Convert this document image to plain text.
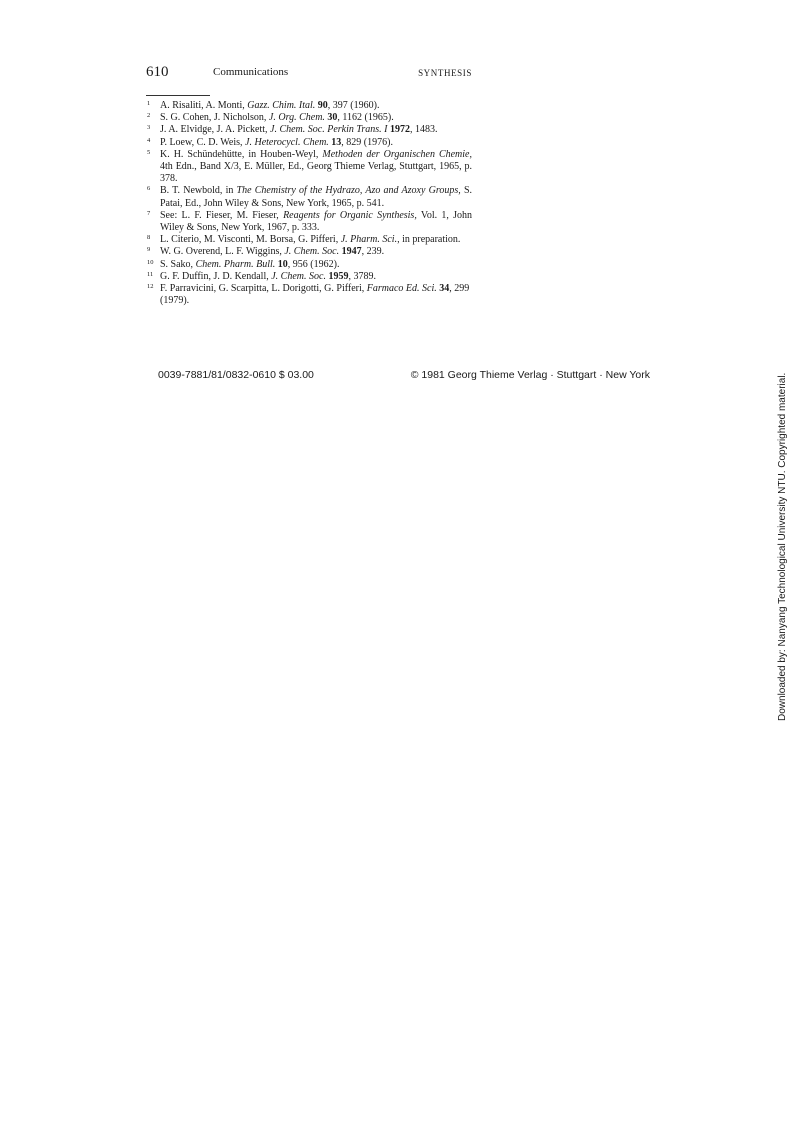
610	Communications	SYNTHESIS
1 A. Risaliti, A. Monti, Gazz. Chim. Ital. 90, 397 (1960).
2 S. G. Cohen, J. Nicholson, J. Org. Chem. 30, 1162 (1965).
3 J. A. Elvidge, J. A. Pickett, J. Chem. Soc. Perkin Trans. I 1972, 1483.
4 P. Loew, C. D. Weis, J. Heterocycl. Chem. 13, 829 (1976).
5 K. H. Schündehütte, in Houben-Weyl, Methoden der Organischen Chemie, 4th Edn., Band X/3, E. Müller, Ed., Georg Thieme Verlag, Stuttgart, 1965, p. 378.
6 B. T. Newbold, in The Chemistry of the Hydrazo, Azo and Azoxy Groups, S. Patai, Ed., John Wiley & Sons, New York, 1965, p. 541.
7 See: L. F. Fieser, M. Fieser, Reagents for Organic Synthesis, Vol. 1, John Wiley & Sons, New York, 1967, p. 333.
8 L. Citerio, M. Visconti, M. Borsa, G. Pifferi, J. Pharm. Sci., in preparation.
9 W. G. Overend, L. F. Wiggins, J. Chem. Soc. 1947, 239.
10 S. Sako, Chem. Pharm. Bull. 10, 956 (1962).
11 G. F. Duffin, J. D. Kendall, J. Chem. Soc. 1959, 3789.
12 F. Parravicini, G. Scarpitta, L. Dorigotti, G. Pifferi, Farmaco Ed. Sci. 34, 299 (1979).
0039-7881/81/0832-0610 $ 03.00	© 1981 Georg Thieme Verlag · Stuttgart · New York	Downloaded by: Nanyang Technological University NTU. Copyrighted material.
